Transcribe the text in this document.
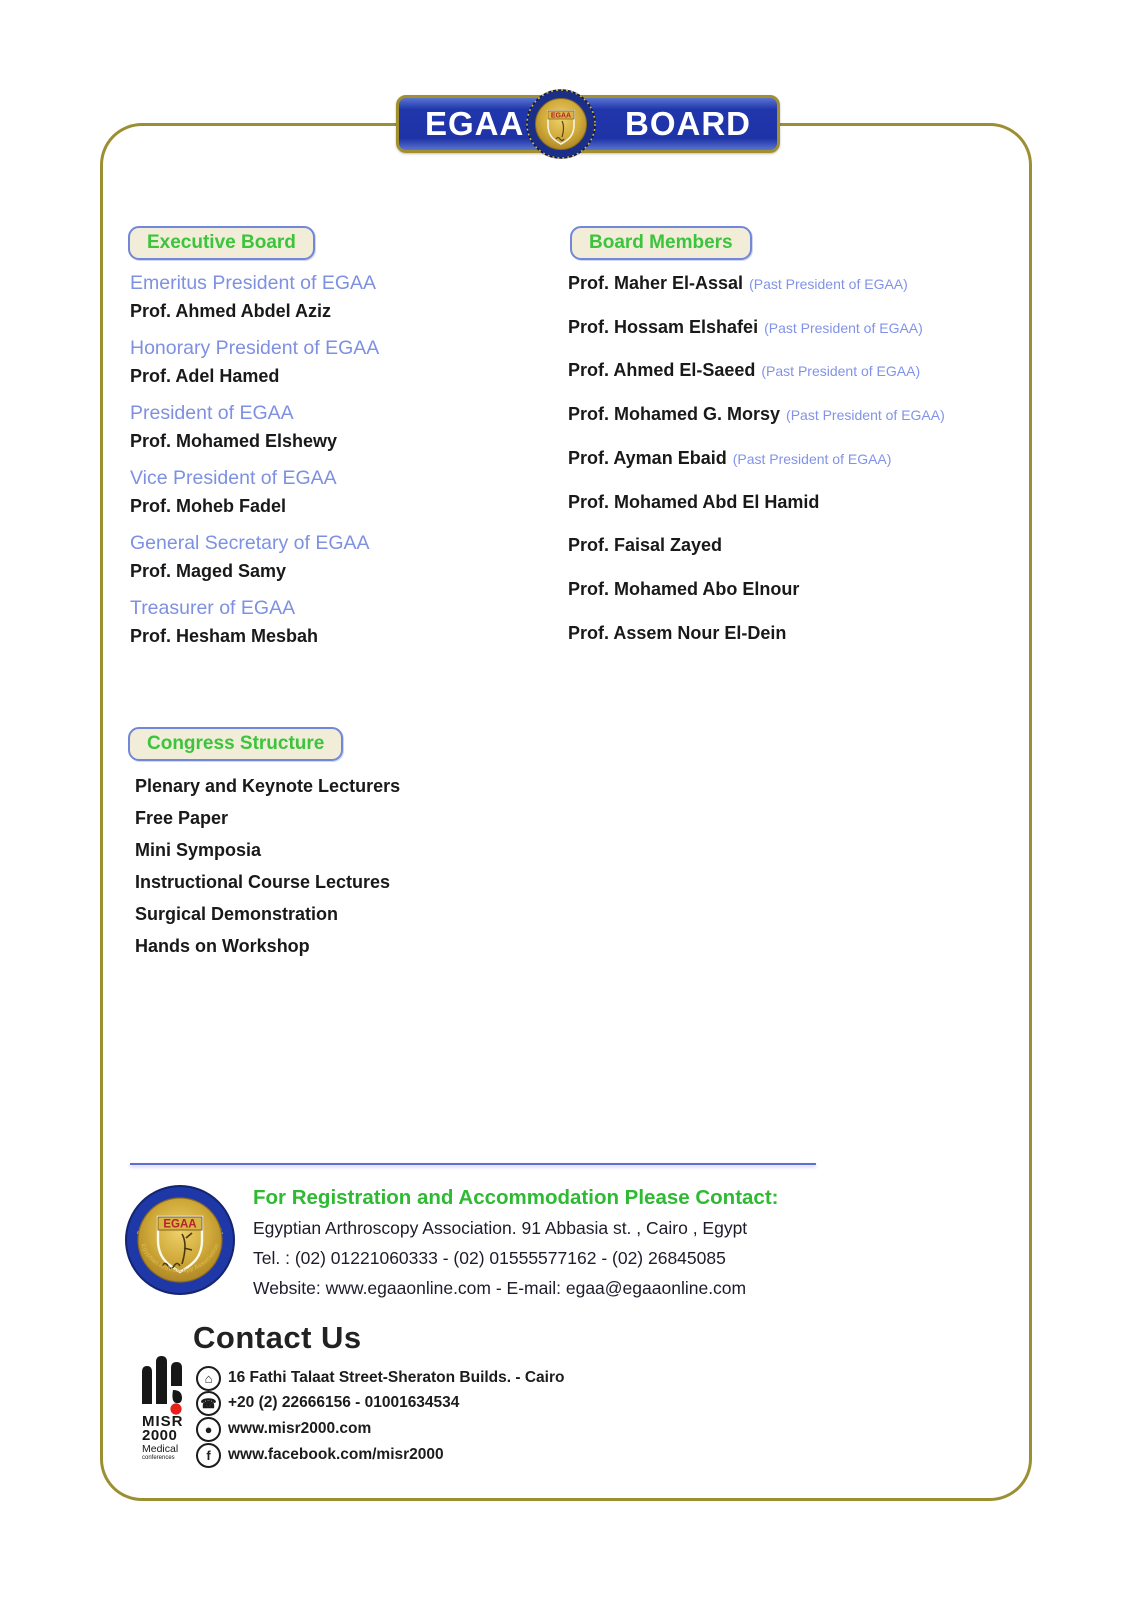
EGAA	BOARD
EGAA
Executive Board
Emeritus President of EGAA
Prof. Ahmed Abdel Aziz
Honorary President of EGAA
Prof. Adel Hamed
President of EGAA
Prof. Mohamed Elshewy
Vice President of EGAA
Prof. Moheb Fadel
General Secretary of EGAA
Prof. Maged Samy
Treasurer of EGAA
Prof. Hesham Mesbah
Board Members
Prof. Maher El-Assal (Past President of EGAA)
Prof. Hossam Elshafei (Past President of EGAA)
Prof. Ahmed El-Saeed (Past President of EGAA)
Prof. Mohamed G. Morsy (Past President of EGAA)
Prof. Ayman Ebaid (Past President of EGAA)
Prof. Mohamed Abd El Hamid
Prof. Faisal Zayed
Prof. Mohamed Abo Elnour
Prof. Assem Nour El-Dein
Congress Structure
Plenary and Keynote Lecturers
Free Paper
Mini Symposia
Instructional Course Lectures
Surgical Demonstration
Hands on Workshop
EGAA
Egyptian Arthroscopy Association
For Registration and Accommodation Please Contact:
Egyptian Arthroscopy Association. 91 Abbasia st. , Cairo , Egypt
Tel. : (02) 01221060333 - (02) 01555577162 - (02) 26845085
Website: www.egaaonline.com - E-mail: egaa@egaaonline.com
Contact Us
MISR
2000
Medical
conferences
⌂	16 Fathi Talaat Street-Sheraton Builds. - Cairo
☎ +20 (2) 22666156 - 01001634534
●	www.misr2000.com
f	www.facebook.com/misr2000
